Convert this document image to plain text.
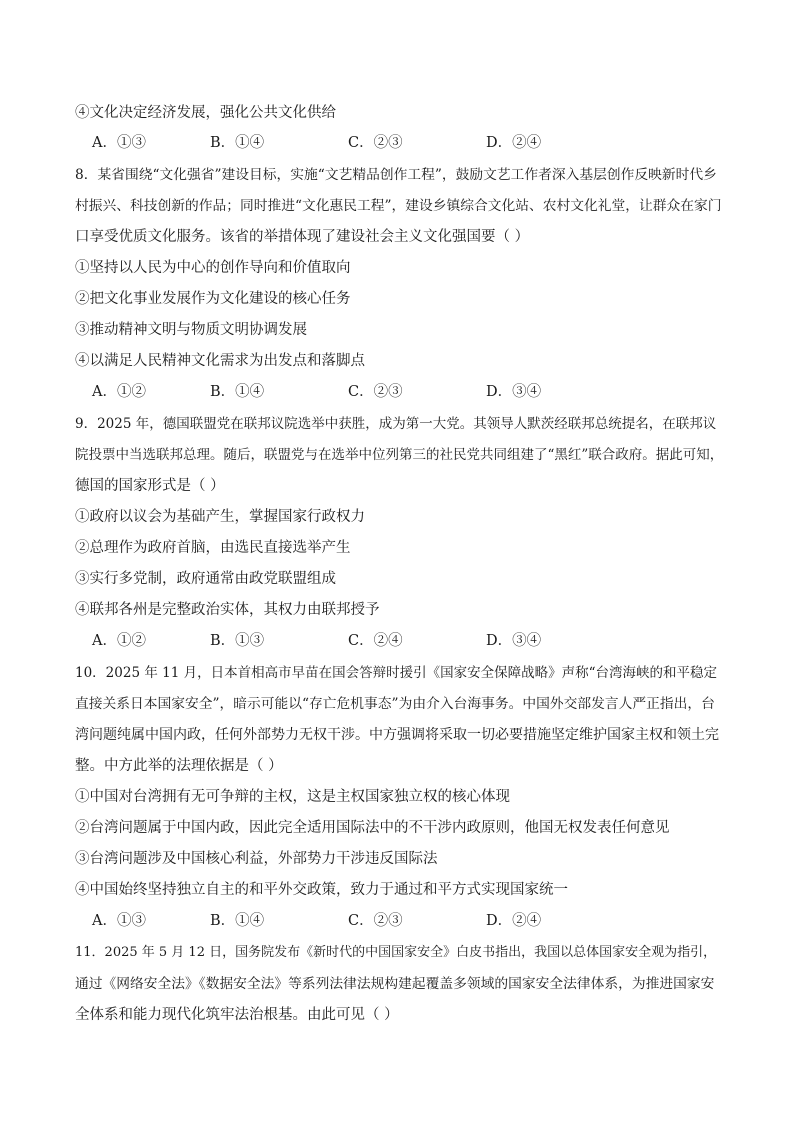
④文化决定经济发展，强化公共文化供给
A．①③	B．①④	C．②③	D．②④
8．某省围绕“文化强省”建设目标，实施“文艺精品创作工程”，鼓励文艺工作者深入基层创作反映新时代乡
村振兴、科技创新的作品；同时推进“文化惠民工程”，建设乡镇综合文化站、农村文化礼堂，让群众在家门
口享受优质文化服务。该省的举措体现了建设社会主义文化强国要（ ）
①坚持以人民为中心的创作导向和价值取向
②把文化事业发展作为文化建设的核心任务
③推动精神文明与物质文明协调发展
④以满足人民精神文化需求为出发点和落脚点
A．①②	B．①④	C．②③	D．③④
9．2025 年，德国联盟党在联邦议院选举中获胜，成为第一大党。其领导人默茨经联邦总统提名，在联邦议
院投票中当选联邦总理。随后，联盟党与在选举中位列第三的社民党共同组建了“黑红”联合政府。据此可知，
德国的国家形式是（ ）
①政府以议会为基础产生，掌握国家行政权力
②总理作为政府首脑，由选民直接选举产生
③实行多党制，政府通常由政党联盟组成
④联邦各州是完整政治实体，其权力由联邦授予
A．①②	B．①③	C．②④	D．③④
10．2025 年 11 月，日本首相高市早苗在国会答辩时援引《国家安全保障战略》声称“台湾海峡的和平稳定
直接关系日本国家安全”，暗示可能以“存亡危机事态”为由介入台海事务。中国外交部发言人严正指出，台
湾问题纯属中国内政，任何外部势力无权干涉。中方强调将采取一切必要措施坚定维护国家主权和领土完
整。中方此举的法理依据是（ ）
①中国对台湾拥有无可争辩的主权，这是主权国家独立权的核心体现
②台湾问题属于中国内政，因此完全适用国际法中的不干涉内政原则，他国无权发表任何意见
③台湾问题涉及中国核心利益，外部势力干涉违反国际法
④中国始终坚持独立自主的和平外交政策，致力于通过和平方式实现国家统一
A．①③	B．①④	C．②③	D．②④
11．2025 年 5 月 12 日，国务院发布《新时代的中国国家安全》白皮书指出，我国以总体国家安全观为指引，
通过《网络安全法》《数据安全法》等系列法律法规构建起覆盖多领域的国家安全法律体系，为推进国家安
全体系和能力现代化筑牢法治根基。由此可见（ ）
